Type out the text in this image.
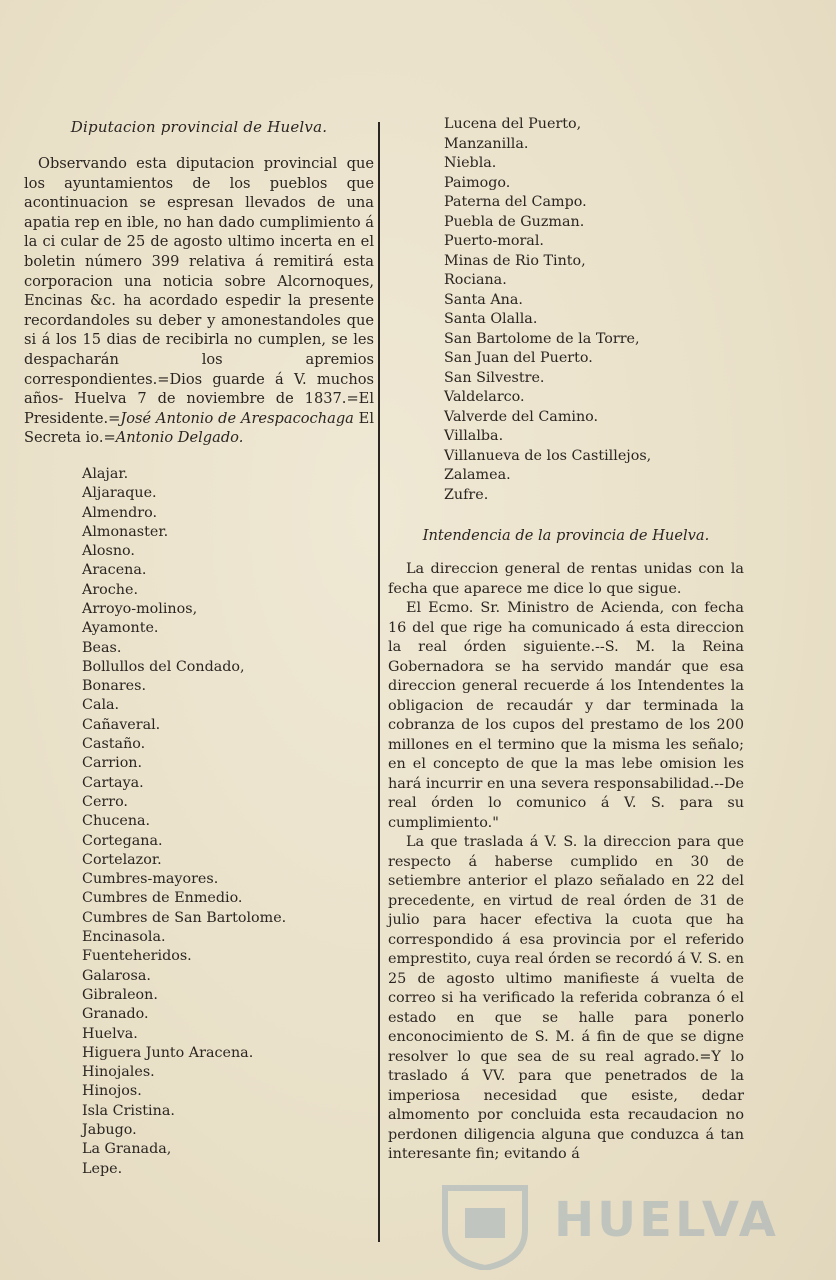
Diputacion provincial de Huelva.

Observando esta diputacion provincial que los ayuntamientos de los pueblos que acontinuacion se espresan llevados de una apatia rep en ible, no han dado cumplimiento á la ci cular de 25 de agosto ultimo incerta en el boletin número 399 relativa á remitirá esta corporacion una noticia sobre Alcornoques, Encinas &c. ha acordado espedir la presente recordandoles su deber y amonestandoles que si á los 15 dias de recibirla no cumplen, se les despacharán los apremios correspondientes.=Dios guarde á V. muchos años- Huelva 7 de noviembre de 1837.=El Presidente.=José Antonio de Arespacochaga El Secreta io.=Antonio Delgado.

Alajar.
Aljaraque.
Almendro.
Almonaster.
Alosno.
Aracena.
Aroche.
Arroyo-molinos,
Ayamonte.
Beas.
Bollullos del Condado,
Bonares.
Cala.
Cañaveral.
Castaño.
Carrion.
Cartaya.
Cerro.
Chucena.
Cortegana.
Cortelazor.
Cumbres-mayores.
Cumbres de Enmedio.
Cumbres de San Bartolome.
Encinasola.
Fuenteheridos.
Galarosa.
Gibraleon.
Granado.
Huelva.
Higuera Junto Aracena.
Hinojales.
Hinojos.
Isla Cristina.
Jabugo.
La Granada,
Lepe.
Lucena del Puerto,
Manzanilla.
Niebla.
Paimogo.
Paterna del Campo.
Puebla de Guzman.
Puerto-moral.
Minas de Rio Tinto,
Rociana.
Santa Ana.
Santa Olalla.
San Bartolome de la Torre,
San Juan del Puerto.
San Silvestre.
Valdelarco.
Valverde del Camino.
Villalba.
Villanueva de los Castillejos,
Zalamea.
Zufre.

Intendencia de la provincia de Huelva.

La direccion general de rentas unidas con la fecha que aparece me dice lo que sigue.

El Ecmo. Sr. Ministro de Acienda, con fecha 16 del que rige ha comunicado á esta direccion la real órden siguiente.--S. M. la Reina Gobernadora se ha servido mandár que esa direccion general recuerde á los Intendentes la obligacion de recaudár y dar terminada la cobranza de los cupos del prestamo de los 200 millones en el termino que la misma les señalo; en el concepto de que la mas lebe omision les hará incurrir en una severa responsabilidad.--De real órden lo comunico á V. S. para su cumplimiento."

La que traslada á V. S. la direccion para que respecto á haberse cumplido en 30 de setiembre anterior el plazo señalado en 22 del precedente, en virtud de real órden de 31 de julio para hacer efectiva la cuota que ha correspondido á esa provincia por el referido emprestito, cuya real órden se recordó á V. S. en 25 de agosto ultimo manifieste á vuelta de correo si ha verificado la referida cobranza ó el estado en que se halle para ponerlo enconocimiento de S. M. á fin de que se digne resolver lo que sea de su real agrado.=Y lo traslado á VV. para que penetrados de la imperiosa necesidad que esiste, dedar almomento por concluida esta recaudacion no perdonen diligencia alguna que conduzca á tan interesante fin; evitando á

HUELVA
